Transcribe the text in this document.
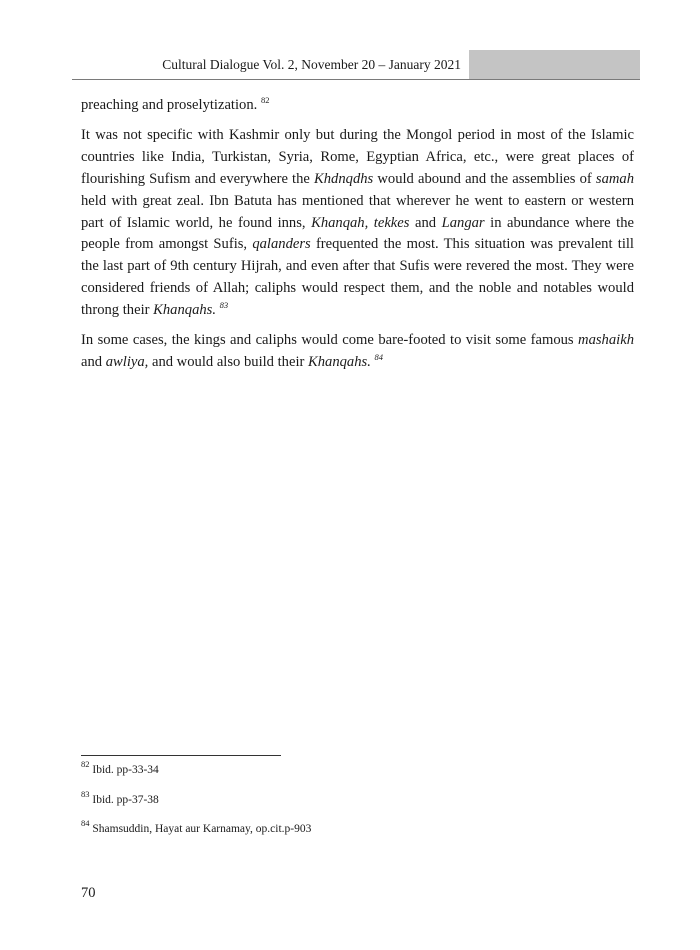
Cultural Dialogue Vol. 2, November 20 – January 2021

preaching and proselytization. $^{82}$

It was not specific with Kashmir only but during the Mongol period in most of the Islamic countries like India, Turkistan, Syria, Rome, Egyptian Africa, etc., were great places of flourishing Sufism and everywhere the Khdnqdhs would abound and the assemblies of samah held with great zeal. Ibn Batuta has mentioned that wherever he went to eastern or western part of Islamic world, he found inns, Khanqah, tekkes and Langar in abundance where the people from amongst Sufis, qalanders frequented the most. This situation was prevalent till the last part of 9th century Hijrah, and even after that Sufis were revered the most. They were considered friends of Allah; caliphs would respect them, and the noble and notables would throng their Khanqahs. $^{83}$

In some cases, the kings and caliphs would come bare-footed to visit some famous mashaikh and awliya, and would also build their Khanqahs. $^{84}$

$^{82}$ Ibid. pp-33-34
$^{83}$ Ibid. pp-37-38
$^{84}$ Shamsuddin, Hayat aur Karnamay, op.cit.p-903
70
